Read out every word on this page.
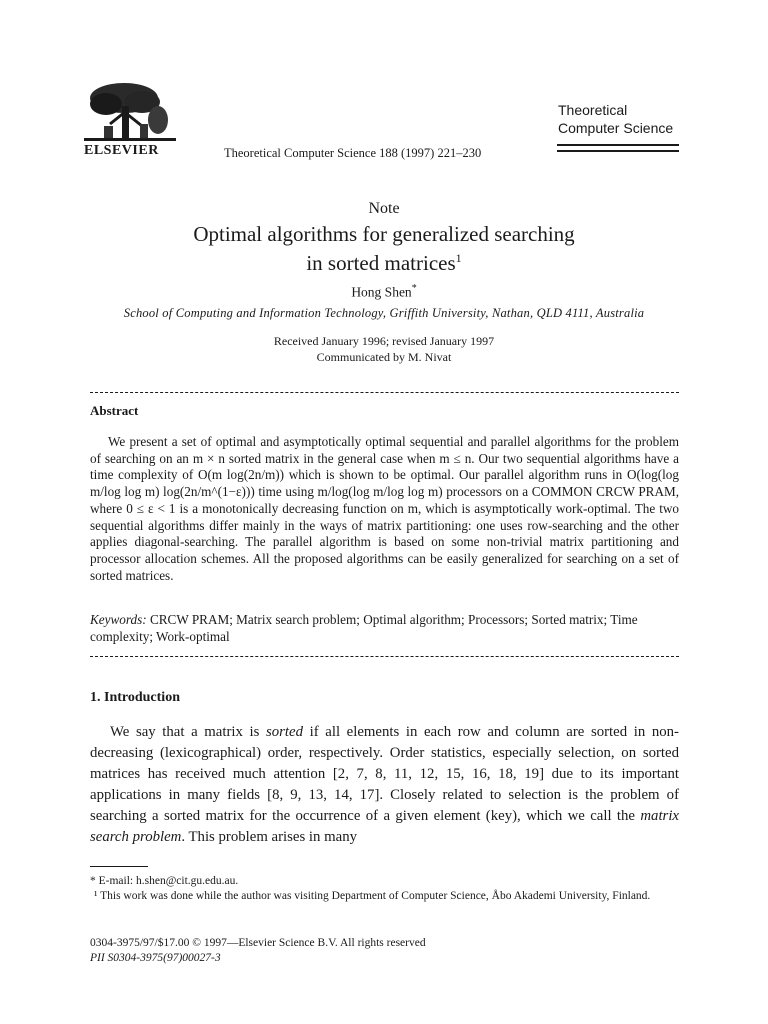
ELSEVIER	Theoretical Computer Science 188 (1997) 221–230
Theoretical
Computer Science
Note
Optimal algorithms for generalized searching
in sorted matrices$^1$
Hong Shen*
School of Computing and Information Technology, Griffith University, Nathan, QLD 4111, Australia
Received January 1996; revised January 1997
Communicated by M. Nivat
Abstract

We present a set of optimal and asymptotically optimal sequential and parallel algorithms for the problem of searching on an m × n sorted matrix in the general case when m ≤ n. Our two sequential algorithms have a time complexity of O(m log(2n/m)) which is shown to be optimal. Our parallel algorithm runs in O(log(log m/log log m) log(2n/m^(1−ε))) time using m/log(log m/log log m) processors on a COMMON CRCW PRAM, where 0 ≤ ε < 1 is a monotonically decreasing function on m, which is asymptotically work-optimal. The two sequential algorithms differ mainly in the ways of matrix partitioning: one uses row-searching and the other applies diagonal-searching. The parallel algorithm is based on some non-trivial matrix partitioning and processor allocation schemes. All the proposed algorithms can be easily generalized for searching on a set of sorted matrices.

Keywords: CRCW PRAM; Matrix search problem; Optimal algorithm; Processors; Sorted matrix; Time complexity; Work-optimal
1. Introduction

We say that a matrix is sorted if all elements in each row and column are sorted in non-decreasing (lexicographical) order, respectively. Order statistics, especially selection, on sorted matrices has received much attention [2, 7, 8, 11, 12, 15, 16, 18, 19] due to its important applications in many fields [8, 9, 13, 14, 17]. Closely related to selection is the problem of searching a sorted matrix for the occurrence of a given element (key), which we call the matrix search problem. This problem arises in many

* E-mail: h.shen@cit.gu.edu.au.

¹ This work was done while the author was visiting Department of Computer Science, Åbo Akademi University, Finland.

0304-3975/97/$17.00 © 1997—Elsevier Science B.V. All rights reserved
PII S0304-3975(97)00027-3
